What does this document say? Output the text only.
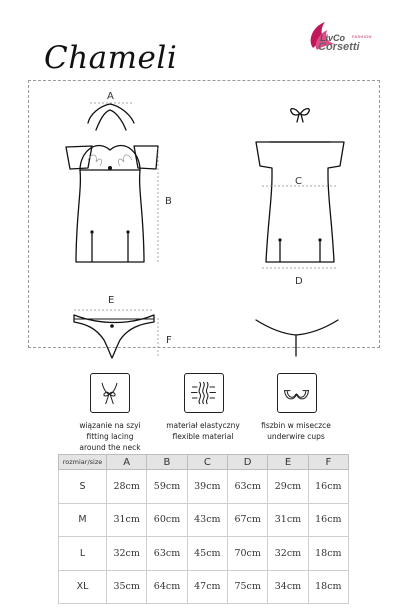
Chameli
LivCo FASHION
Corsetti
A
B
C
D
E
F
wiązanie na szyi
fitting lacing
around the neck
materiał elastyczny
flexible material
fiszbin w miseczce
underwire cups
rozmiar/size	A	B	C	D	E	F
S	28cm	59cm	39cm	63cm	29cm	16cm
M	31cm	60cm	43cm	67cm	31cm	16cm
L	32cm	63cm	45cm	70cm	32cm	18cm
XL	35cm	64cm	47cm	75cm	34cm	18cm
